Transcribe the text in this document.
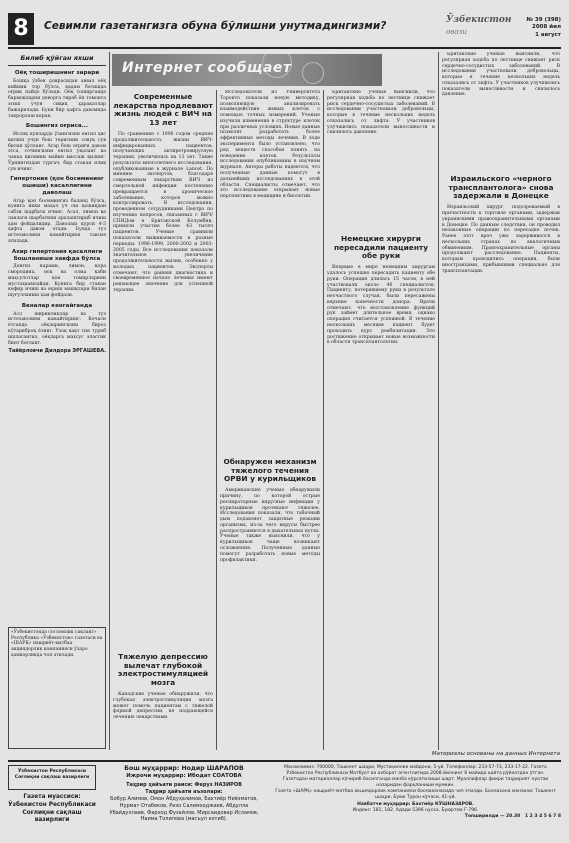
8	Севимли газетангизга обуна бўлишни унутмадингизми?	Ўзбекистон
овози
№ 39 (398)
2008 йил
1 август
Билиб қўйган яхши
Оёқ тоширишнинг зарари

Бошқа ўзбек доирасидан аввал оёқ кийими тор бўлса, қадам босишда оғриқ пайдо бўлади. Оёқ тоширганда бармоқларни деворга тираб ён томонга эгиш учун сиқиқ ҳаракатлар бажарилади. Буни бир ҳафта давомида такрорлаш керак.

Бошингиз оғриса...

Иссиқ кунларда ўзингизни енгил ҳис қилиш учун бош терисини совуқ сув билан ҳўлланг. Агар бош оғриғи давом этса, сочингизни енгил уқаланг ва чакка қисмини майин массаж қилинг. Ўрнингиздан тургач, бир стакан илиқ сув ичинг.

Гипертония (қон босимининг ошиши) касаллигини даволаш

Агар қон босимингиз баланд бўлса, кунига икки маҳал уч ош қошиқдан сабзи шарбати ичинг. Асал, лимон ва лавлаги шарбатини аралаштириб ичиш ҳам фойдалидир. Даволаш курси 4-5 ҳафта давом этади. Бунда туз истеъмолини камайтириш тавсия этилади.

Ахир гипертония қасаллиги бошланиши хавфда бўлса

Денгиз карами, лимон, қора смородина, нок ва олма каби маҳсулотлар қон томирларини мустаҳкамлайди. Кунига бир стакан кефир ичиш ва юриш машқлари билан шуғулланиш ҳам фойдали.

Веналар кенгайганда

Асл ширинликлар ва туз истеъмолини камайтиринг. Кечаси ётганда оёқларингизни бироз кўтариброқ ётинг. Узоқ вақт тик туриб ишласангиз, оёқларга махсус эластик бинт боғланг.

Тайёрловчи Дилдора ЭРГАШЕВА.
«Ўзбекистонда согломлик сакланг» Республика «Ўзбекистон» газетаси ва «ШАРҚ» нашриёт-матбаа акциядорлик компанияси ўзаро ҳамкорликда чоп этилади.
Интернет сообщает
Современные лекарства продлевают жизнь людей с ВИЧ на 13 лет

По сравнению с 1996 годом средняя продолжительность жизни ВИЧ-инфицированных пациентов, получающих антиретровирусную терапию, увеличилась на 13 лет. Такие результаты многолетнего исследования, опубликованные в журнале Lancet. По мнению экспертов, благодаря современным лекарствам ВИЧ из смертельной инфекции постепенно превращается в хроническое заболевание, которое можно контролировать. В исследовании, проведенном сотрудниками Центра по изучению вопросов, связанных с ВИЧ/СПИДом в Британской Колумбии, приняли участие более 43 тысяч пациентов. Ученые сравнили показатели выживаемости в разные периоды: 1996-1999, 2000-2002 и 2003-2005 годы. Все исследования показали значительное увеличение продолжительности жизни, особенно у молодых пациентов. Эксперты отмечают, что ранняя диагностика и своевременное начало лечения имеют решающее значение для успешной терапии.

Тяжелую депрессию вылечат глубокой электростимуляцией мозга

Канадские ученые обнаружили, что глубокая электростимуляция мозга может помочь пациентам с тяжелой формой депрессии, не поддающейся лечению лекарствами.

Исследователи из Университета Торонто показали новую методику, позволяющую анализировать взаимодействие живых клеток с помощью точных измерений. Ученые изучили изменения в структуре клеток при различных условиях. Новые данные позволят разработать более эффективные методы лечения. В ходе эксперимента было установлено, что ряд веществ способен влиять на поведение клеток. Результаты исследования опубликованы в научном журнале. Авторы работы надеются, что полученные данные помогут в дальнейших исследованиях в этой области. Специалисты отмечают, что это исследование открывает новые перспективы в медицине и биологии.

Обнаружен механизм тяжелого течения ОРВИ у курильщиков

Американские ученые обнаружили причину, по которой острые респираторные вирусные инфекции у курильщиков протекают тяжелее. Исследования показали, что табачный дым подавляет защитные реакции организма, из-за чего вирусы быстрее распространяются в дыхательных путях. Ученые также выяснили, что у курильщиков чаще возникают осложнения. Полученные данные помогут разработать новые методы профилактики.

Британские ученые выяснили, что регулярная ходьба по лестнице снижает риск сердечно-сосудистых заболеваний. В исследовании участвовали добровольцы, которые в течение нескольких недель отказались от лифта. У участников улучшились показатели выносливости и снизилось давление.

Немецкие хирурги пересадили пациенту обе руки

Впервые в мире немецким хирургам удалось успешно пересадить пациенту обе руки. Операция длилась 15 часов, в ней участвовали около 40 специалистов. Пациенту, потерявшему руки в результате несчастного случая, были пересажены верхние конечности донора. Врачи отмечают, что восстановление функций рук займет длительное время, однако операция считается успешной. В течение нескольких месяцев пациент будет проходить курс реабилитации. Это достижение открывает новые возможности в области трансплантологии.

Британские ученые выяснили, что регулярная ходьба по лестнице снижает риск сердечно-сосудистых заболеваний. В исследовании участвовали добровольцы, которые в течение нескольких недель отказались от лифта. У участников улучшились показатели выносливости и снизилось давление.

Израильского «черного трансплантолога» снова задержали в Донецке

Израильский хирург, подозреваемый в причастности к торговле органами, задержан украинскими правоохранительными органами в Донецке. По данным следствия, он проводил незаконные операции по пересадке почек. Ранее этот врач уже задерживался в нескольких странах по аналогичным обвинениям. Правоохранительные органы продолжают расследование. Пациенты, которым проводились операции, были иностранцами, прибывшими специально для трансплантации.

Материалы основаны на данных Интернета
Ўзбекистон Республикаси Соғлиқни сақлаш вазирлиги
Газета муассиси: Ўзбекистон Республикаси Соғлиқни сақлаш вазирлиги
Бош муҳаррир: Нодир ШАРАПОВ
Ижрочи муҳаррир: Ибодат СОАТОВА
Таҳрир ҳайъати раиси: Феруз НАЗИРОВ
Таҳрир ҳайъати аъзолари:
Бобур Алимов, Омон Абдуҳалимов, Бахтиёр Ниёзматов, Нурмат Отабеков, Ризо Салимходжаев, Абдулла Убайдуллаев, Фарход Фузайлов, Мирсаидовар Исламов, Наима Толипова (масъул котиб).
Манзилимиз: 700000, Тошкент шаҳри, Мустақиллик майдони, 5-уй. Телефонлар: 233-57-73, 233-17-22. Газета Ўзбекистон Республикаси Матбуот ва ахборот агентлигида 2008 йилнинг 6 майида қайта рўйхатдан ўтган.
Газетадан материаллар кўчириб босилганда манба кўрсатилиши шарт. Муаллифлар фикри таҳририят нуқтаи назаридан фарқланиши мумкин.
Газета «ШАРҚ» нашриёт-матбаа акциядорлик компанияси босмахонасида чоп этилди. Босмахона манзили: Тошкент шаҳри, Буюк Турон кўчаси, 41-уй.
Навбатчи муҳаррир: Бахтиёр КЎШНАЗАРОВ.
Индекс: 181, 182. Адади 5396 нусха. Буюртма Г-796.
Топширилди — 20.30 1 2 3 4 5 6 7 8
